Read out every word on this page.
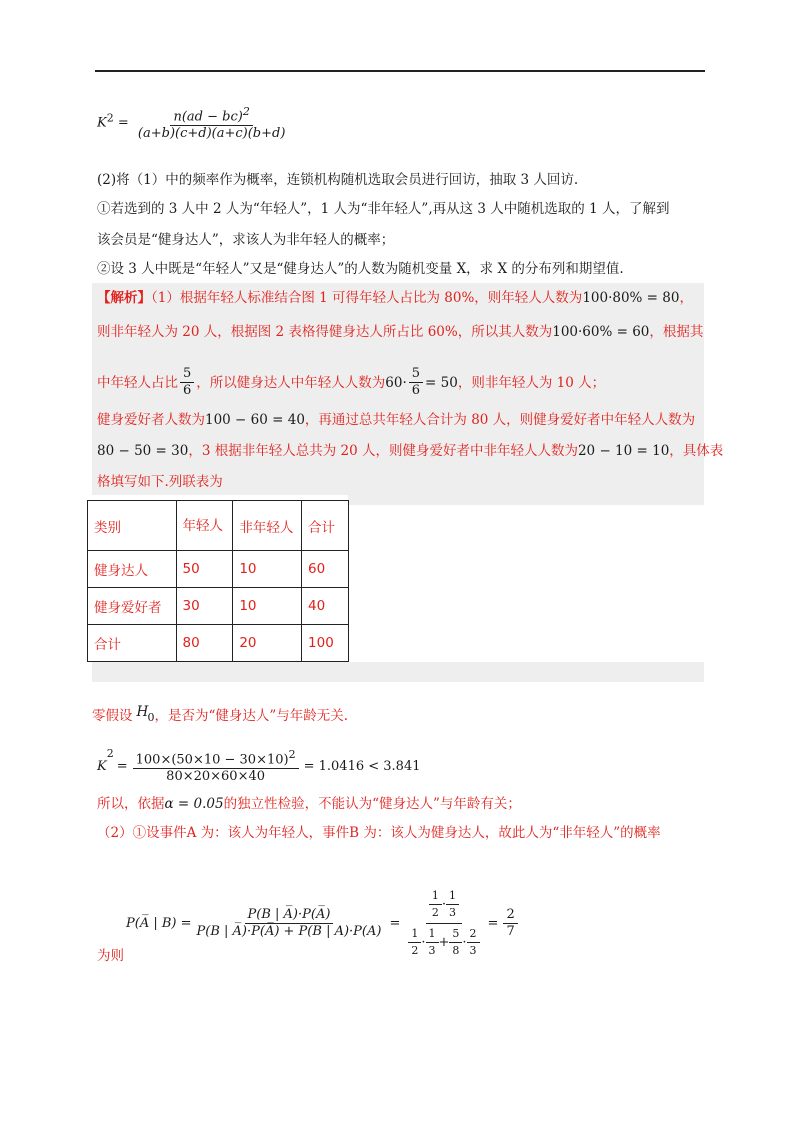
$K^2 = \frac{n(ad - bc)^2}{(a+b)(c+d)(a+c)(b+d)}$
(2)将（1）中的频率作为概率，连锁机构随机选取会员进行回访，抽取 3 人回访.
①若选到的 3 人中 2 人为“年轻人”，1 人为“非年轻人”,再从这 3 人中随机选取的 1 人，了解到
该会员是“健身达人”，求该人为非年轻人的概率；
②设 3 人中既是“年轻人”又是“健身达人”的人数为随机变量 X，求 X 的分布列和期望值.
【解析】（1）根据年轻人标准结合图 1 可得年轻人占比为 80%，则年轻人人数为100·80% = 80，
则非年轻人为 20 人，根据图 2 表格得健身达人所占比 60%，所以其人数为100·60% = 60，根据其
中年轻人占比 $\frac{5}{6}$ ，所以健身达人中年轻人人数为 $60\cdot \frac{5}{6} = 50$ ，则非年轻人为 10 人；
健身爱好者人数为100 − 60 = 40，再通过总共年轻人合计为 80 人，则健身爱好者中年轻人人数为
80 − 50 = 30，3 根据非年轻人总共为 20 人，则健身爱好者中非年轻人人数为20 − 10 = 10，具体表
格填写如下.列联表为
类别	年轻人	非年轻人	合计
健身达人	50	10	60
健身爱好者	30	10	40
合计	80	20	100
零假设 H 0 ，是否为“健身达人”与年龄无关.
K
$^2$
= $\frac{100\times(50\times 10 - 30\times 10)^2}{80\times 20\times 60\times 40} = 1.0416 < 3.841$
所以，依据α = 0.05的独立性检验，不能认为“健身达人”与年龄有关；
（2）①设事件A 为：该人为年轻人，事件B 为：该人为健身达人，故此人为“非年轻人”的概率
P(A̅ | $B) = \frac{P(B | A̅)\cdot P(A̅)}{P(B | A̅)\cdot P(A̅) + P(B | A)\cdot P(A)} = \frac{\frac{1}{2} \cdot \frac{1}{3}}{\frac{1}{2} \cdot \frac{1}{3} + \frac{5}{8} \cdot \frac{2}{3}} = \frac{2}{7}$
为则
